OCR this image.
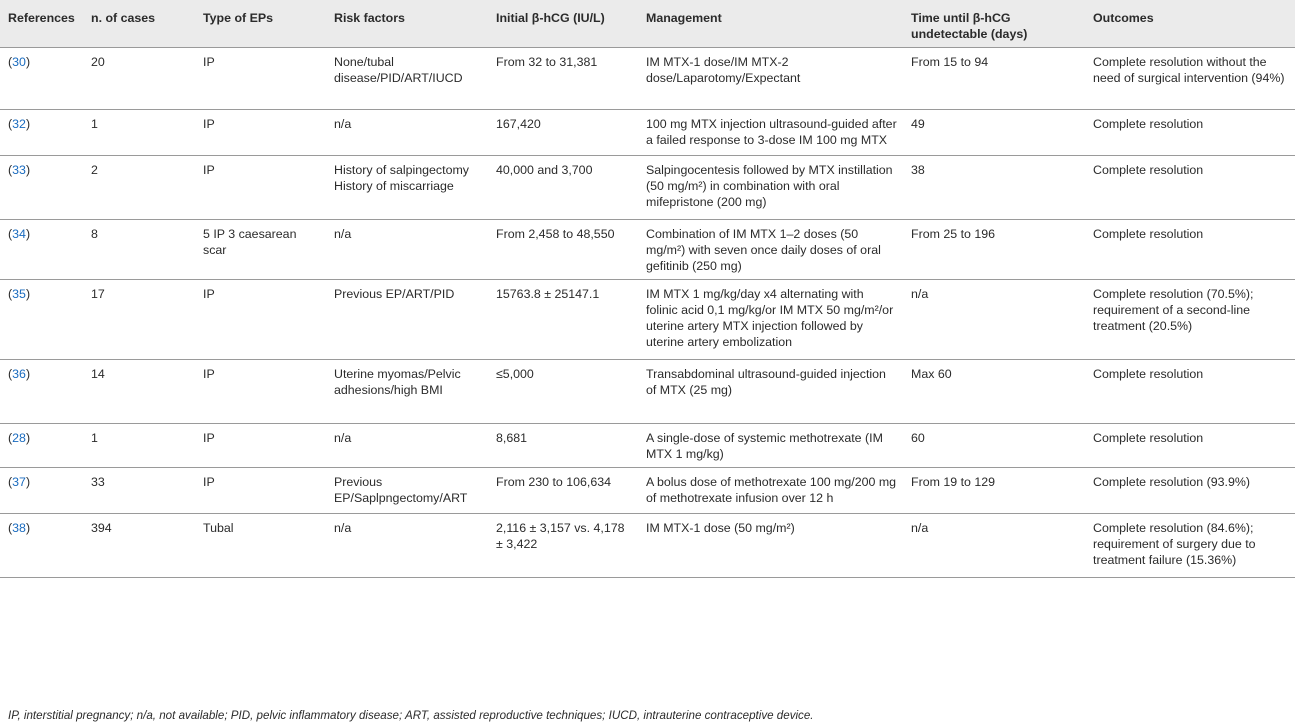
References	n. of cases	Type of EPs	Risk factors	Initial β-hCG (IU/L)	Management	Time until β-hCG undetectable (days)	Outcomes
(30)	20	IP	None/tubal disease/PID/ART/IUCD	From 32 to 31,381	IM MTX-1 dose/IM MTX-2 dose/Laparotomy/Expectant	From 15 to 94	Complete resolution without the need of surgical intervention (94%)
(32)	1	IP	n/a	167,420	100 mg MTX injection ultrasound-guided after a failed response to 3-dose IM 100 mg MTX	49	Complete resolution
(33)	2	IP	History of salpingectomy History of miscarriage	40,000 and 3,700	Salpingocentesis followed by MTX instillation (50 mg/m²) in combination with oral mifepristone (200 mg)	38	Complete resolution
(34)	8	5 IP 3 caesarean scar	n/a	From 2,458 to 48,550	Combination of IM MTX 1–2 doses (50 mg/m²) with seven once daily doses of oral gefitinib (250 mg)	From 25 to 196	Complete resolution
(35)	17	IP	Previous EP/ART/PID	15763.8 ± 25147.1	IM MTX 1 mg/kg/day x4 alternating with folinic acid 0,1 mg/kg/or IM MTX 50 mg/m²/or uterine artery MTX injection followed by uterine artery embolization	n/a	Complete resolution (70.5%); requirement of a second-line treatment (20.5%)
(36)	14	IP	Uterine myomas/Pelvic adhesions/high BMI	≤5,000	Transabdominal ultrasound-guided injection of MTX (25 mg)	Max 60	Complete resolution
(28)	1	IP	n/a	8,681	A single-dose of systemic methotrexate (IM MTX 1 mg/kg)	60	Complete resolution
(37)	33	IP	Previous EP/Saplpngectomy/ART	From 230 to 106,634	A bolus dose of methotrexate 100 mg/200 mg of methotrexate infusion over 12 h	From 19 to 129	Complete resolution (93.9%)
(38)	394	Tubal	n/a	2,116 ± 3,157 vs. 4,178 ± 3,422	IM MTX-1 dose (50 mg/m²)	n/a	Complete resolution (84.6%); requirement of surgery due to treatment failure (15.36%)
IP, interstitial pregnancy; n/a, not available; PID, pelvic inflammatory disease; ART, assisted reproductive techniques; IUCD, intrauterine contraceptive device.
